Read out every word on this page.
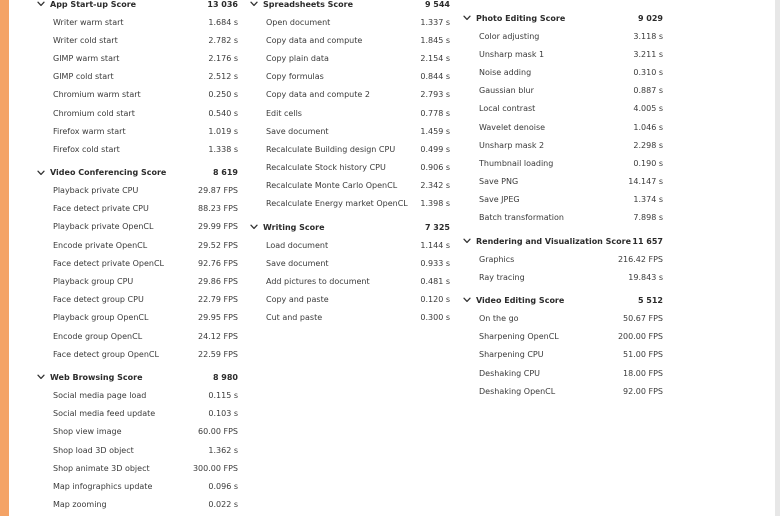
App Start-up Score	13 036
Writer warm start	1.684 s
Writer cold start	2.782 s
GIMP warm start	2.176 s
GIMP cold start	2.512 s
Chromium warm start	0.250 s
Chromium cold start	0.540 s
Firefox warm start	1.019 s
Firefox cold start	1.338 s
Video Conferencing Score	8 619
Playback private CPU	29.87 FPS
Face detect private CPU	88.23 FPS
Playback private OpenCL	29.99 FPS
Encode private OpenCL	29.52 FPS
Face detect private OpenCL	92.76 FPS
Playback group CPU	29.86 FPS
Face detect group CPU	22.79 FPS
Playback group OpenCL	29.95 FPS
Encode group OpenCL	24.12 FPS
Face detect group OpenCL	22.59 FPS
Web Browsing Score	8 980
Social media page load	0.115 s
Social media feed update	0.103 s
Shop view image	60.00 FPS
Shop load 3D object	1.362 s
Shop animate 3D object	300.00 FPS
Map infographics update	0.096 s
Map zooming	0.022 s
Spreadsheets Score	9 544
Open document	1.337 s
Copy data and compute	1.845 s
Copy plain data	2.154 s
Copy formulas	0.844 s
Copy data and compute 2	2.793 s
Edit cells	0.778 s
Save document	1.459 s
Recalculate Building design CPU	0.499 s
Recalculate Stock history CPU	0.906 s
Recalculate Monte Carlo OpenCL	2.342 s
Recalculate Energy market OpenCL 1.398 s
Writing Score	7 325
Load document	1.144 s
Save document	0.933 s
Add pictures to document	0.481 s
Copy and paste	0.120 s
Cut and paste	0.300 s
Photo Editing Score	9 029
Color adjusting	3.118 s
Unsharp mask 1	3.211 s
Noise adding	0.310 s
Gaussian blur	0.887 s
Local contrast	4.005 s
Wavelet denoise	1.046 s
Unsharp mask 2	2.298 s
Thumbnail loading	0.190 s
Save PNG	14.147 s
Save JPEG	1.374 s
Batch transformation	7.898 s
Rendering and Visualization Score 11 657
Graphics	216.42 FPS
Ray tracing	19.843 s
Video Editing Score	5 512
On the go	50.67 FPS
Sharpening OpenCL	200.00 FPS
Sharpening CPU	51.00 FPS
Deshaking CPU	18.00 FPS
Deshaking OpenCL	92.00 FPS
